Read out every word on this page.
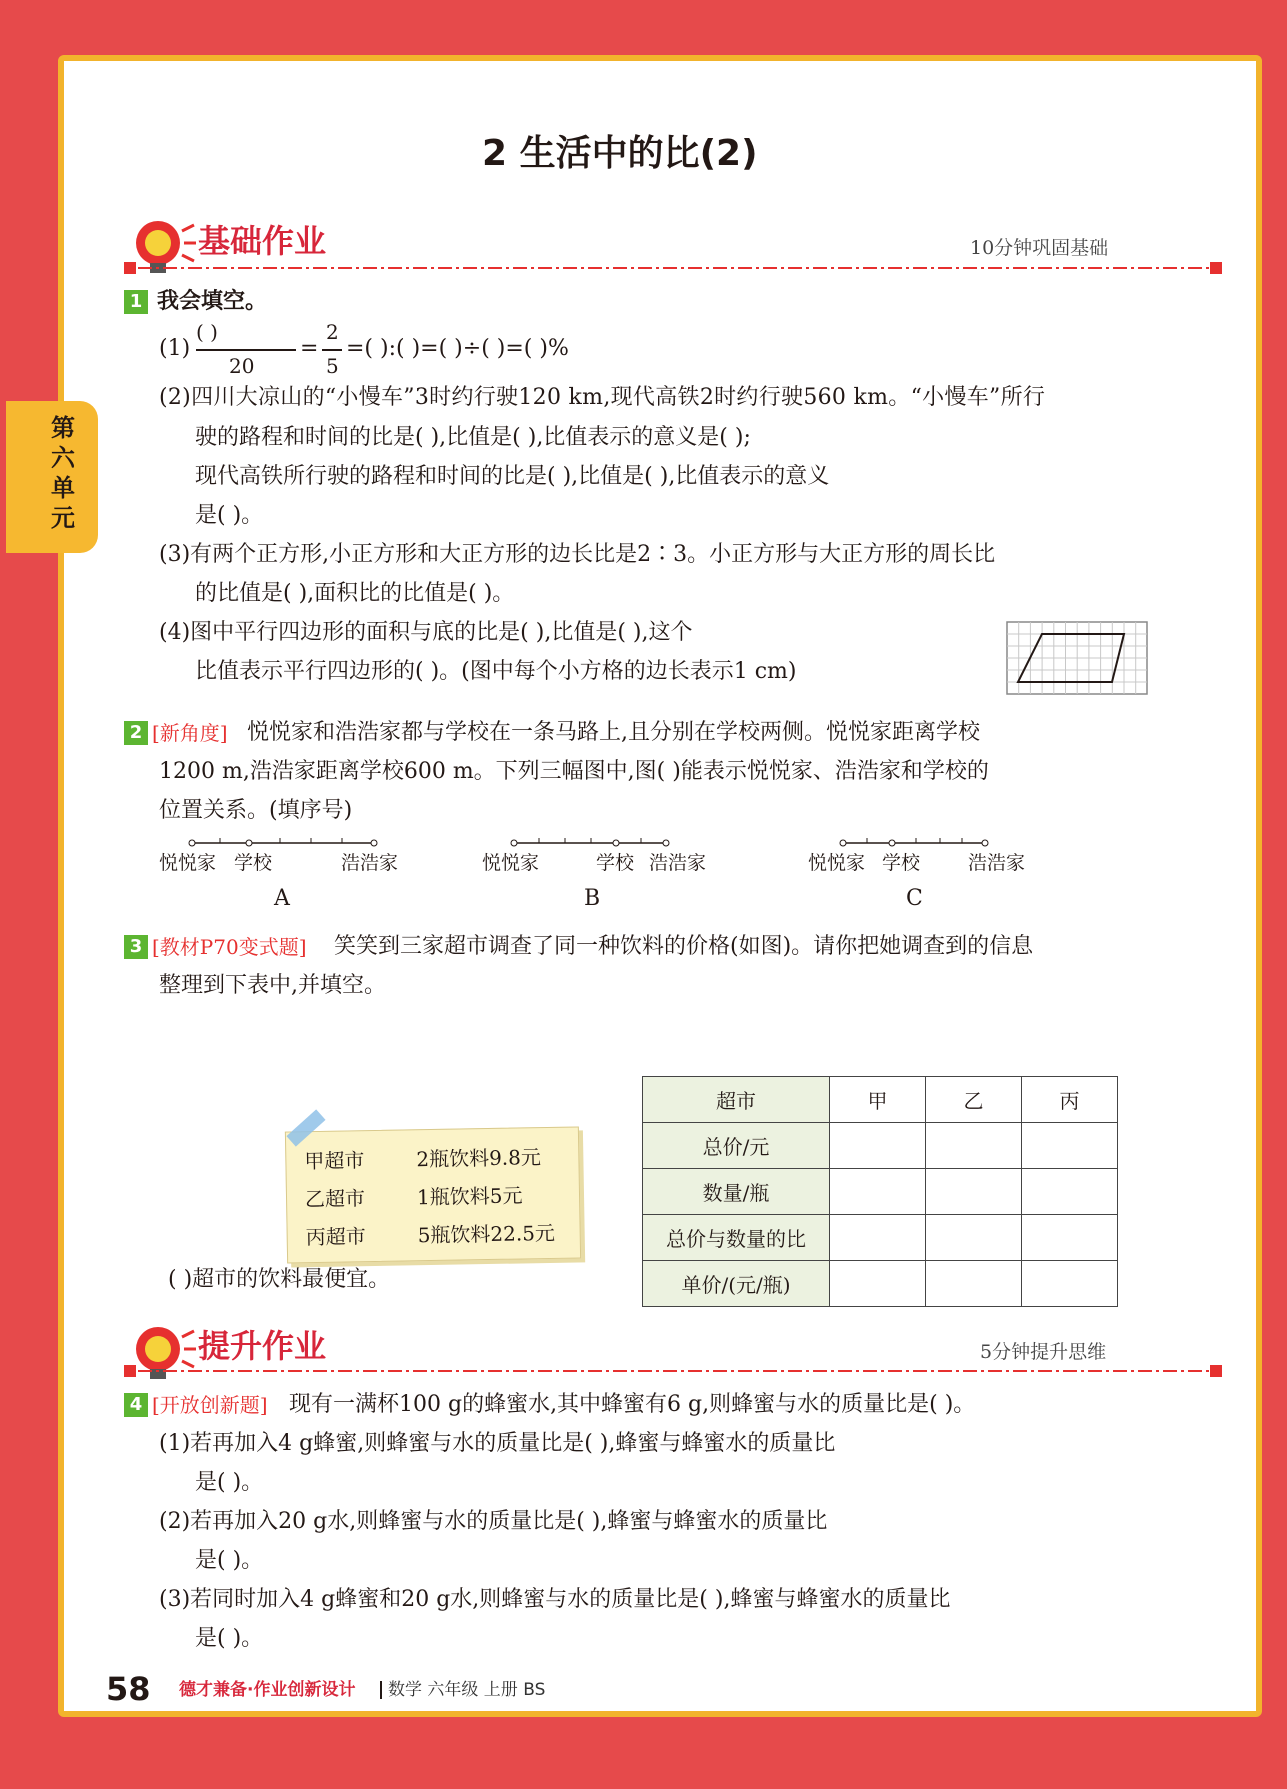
第六单元
2 生活中的比(2)
基础作业	10分钟巩固基础
1 我会填空。
(1)
( )
20
=
2
5
=( ):( )=( )÷( )=( )%
(2)四川大凉山的“小慢车”3时约行驶120 km,现代高铁2时约行驶560 km。“小慢车”所行
驶的路程和时间的比是( ),比值是( ),比值表示的意义是( );
现代高铁所行驶的路程和时间的比是( ),比值是( ),比值表示的意义
是( )。
(3)有两个正方形,小正方形和大正方形的边长比是2∶3。小正方形与大正方形的周长比
的比值是( ),面积比的比值是( )。
(4)图中平行四边形的面积与底的比是( ),比值是( ),这个
比值表示平行四边形的( )。(图中每个小方格的边长表示1 cm)
2 [新角度] 悦悦家和浩浩家都与学校在一条马路上,且分别在学校两侧。悦悦家距离学校
1200 m,浩浩家距离学校600 m。下列三幅图中,图( )能表示悦悦家、浩浩家和学校的
位置关系。(填序号)
悦悦家 学校	浩浩家
A
悦悦家	学校 浩浩家
B
悦悦家 学校	浩浩家
C
3 [教材P70变式题] 笑笑到三家超市调查了同一种饮料的价格(如图)。请你把她调查到的信息
整理到下表中,并填空。
甲超市	2瓶饮料9.8元
乙超市	1瓶饮料5元
丙超市	5瓶饮料22.5元
超市	甲	乙	丙
总价/元			
数量/瓶			
总价与数量的比			
单价/(元/瓶)			
( )超市的饮料最便宜。
提升作业	5分钟提升思维
4 [开放创新题] 现有一满杯100 g的蜂蜜水,其中蜂蜜有6 g,则蜂蜜与水的质量比是( )。
(1)若再加入4 g蜂蜜,则蜂蜜与水的质量比是( ),蜂蜜与蜂蜜水的质量比
是( )。
(2)若再加入20 g水,则蜂蜜与水的质量比是( ),蜂蜜与蜂蜜水的质量比
是( )。
(3)若同时加入4 g蜂蜜和20 g水,则蜂蜜与水的质量比是( ),蜂蜜与蜂蜜水的质量比
是( )。
58 德才兼备·作业创新设计 数学 六年级 上册 BS
